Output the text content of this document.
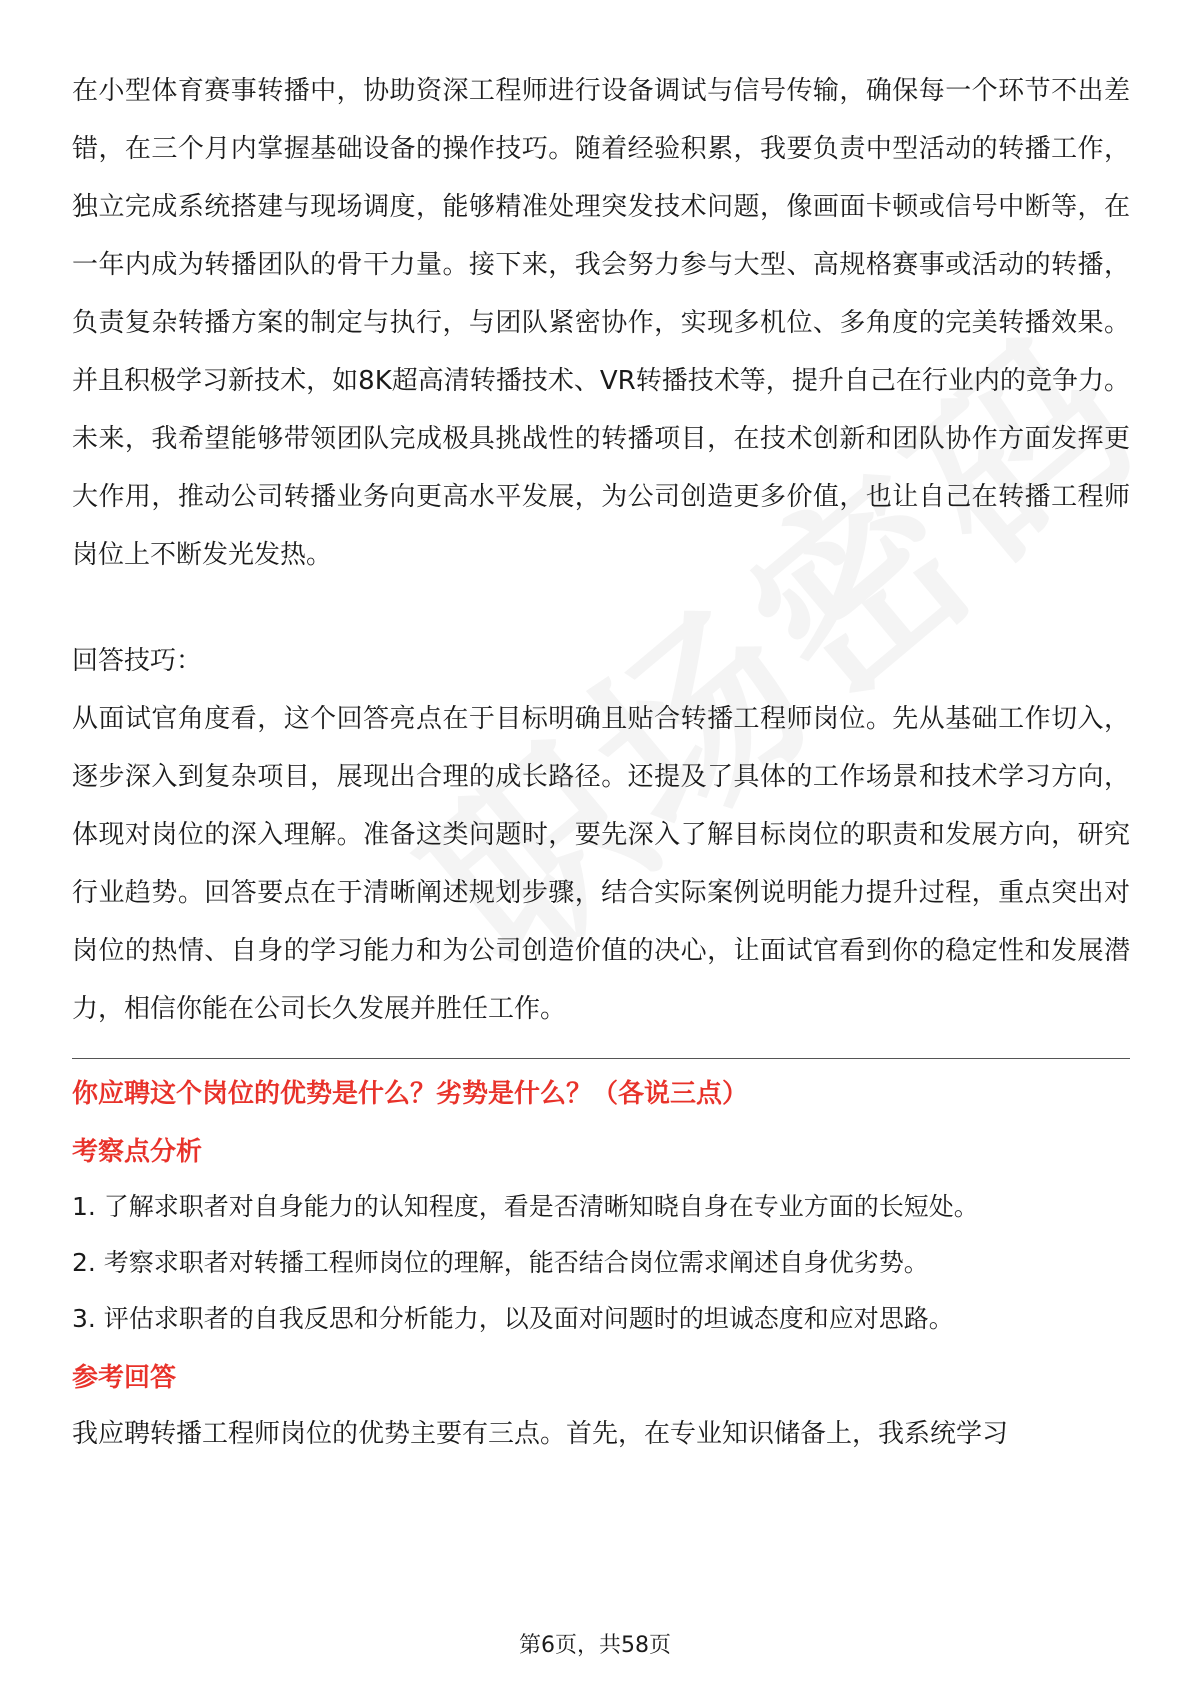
在小型体育赛事转播中，协助资深工程师进行设备调试与信号传输，确保每一个环节不出差错，在三个月内掌握基础设备的操作技巧。随着经验积累，我要负责中型活动的转播工作，独立完成系统搭建与现场调度，能够精准处理突发技术问题，像画面卡顿或信号中断等，在一年内成为转播团队的骨干力量。接下来，我会努力参与大型、高规格赛事或活动的转播，负责复杂转播方案的制定与执行，与团队紧密协作，实现多机位、多角度的完美转播效果。并且积极学习新技术，如8K超高清转播技术、VR转播技术等，提升自己在行业内的竞争力。未来，我希望能够带领团队完成极具挑战性的转播项目，在技术创新和团队协作方面发挥更大作用，推动公司转播业务向更高水平发展，为公司创造更多价值，也让自己在转播工程师岗位上不断发光发热。

回答技巧：

从面试官角度看，这个回答亮点在于目标明确且贴合转播工程师岗位。先从基础工作切入，逐步深入到复杂项目，展现出合理的成长路径。还提及了具体的工作场景和技术学习方向，体现对岗位的深入理解。准备这类问题时，要先深入了解目标岗位的职责和发展方向，研究行业趋势。回答要点在于清晰阐述规划步骤，结合实际案例说明能力提升过程，重点突出对岗位的热情、自身的学习能力和为公司创造价值的决心，让面试官看到你的稳定性和发展潜力，相信你能在公司长久发展并胜任工作。

你应聘这个岗位的优势是什么？劣势是什么？（各说三点）

考察点分析

1. 了解求职者对自身能力的认知程度，看是否清晰知晓自身在专业方面的长短处。
2. 考察求职者对转播工程师岗位的理解，能否结合岗位需求阐述自身优劣势。
3. 评估求职者的自我反思和分析能力，以及面对问题时的坦诚态度和应对思路。

参考回答

我应聘转播工程师岗位的优势主要有三点。首先，在专业知识储备上，我系统学习

第6页，共58页
